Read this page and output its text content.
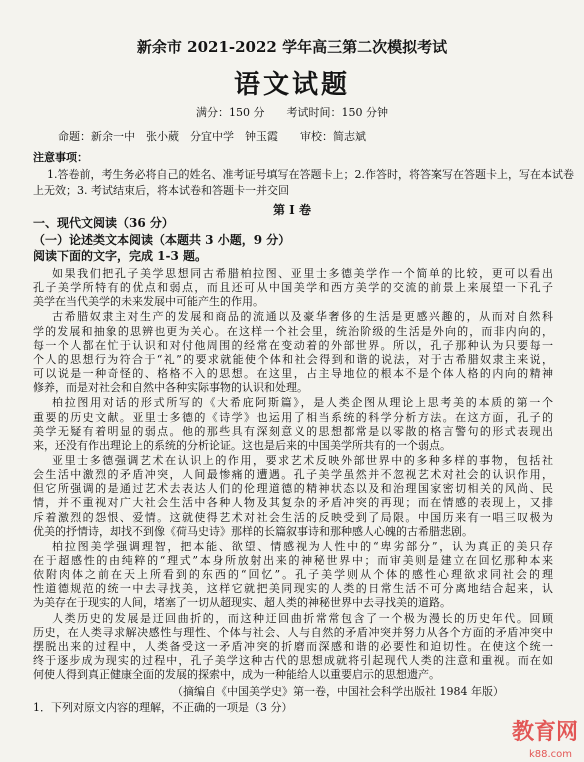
新余市 2021-2022 学年高三第二次模拟考试
语文试题
满分：150 分　　考试时间：150 分钟
命题：新余一中　张小葳　分宜中学　钟玉霞　　审校：简志斌
注意事项：
1.答卷前，考生务必将自己的姓名、准考证号填写在答题卡上；2.作答时，将答案写在答题卡上，写在本试卷
上无效；3. 考试结束后，将本试卷和答题卡一并交回
第 I 卷
一、现代文阅读（36 分）
（一）论述类文本阅读（本题共 3 小题，9 分）
阅读下面的文字，完成 1-3 题。
如果我们把孔子美学思想同古希腊柏拉图、亚里士多德美学作一个简单的比较，更可以看出
孔子美学所特有的优点和弱点，而且还可从中国美学和西方美学的交流的前景上来展望一下孔子
美学在当代美学的未来发展中可能产生的作用。
古希腊奴隶主对生产的发展和商品的流通以及豪华奢侈的生活是更感兴趣的，从而对自然科
学的发展和抽象的思辨也更为关心。在这样一个社会里，统治阶级的生活是外向的，而非内向的，
每一个人都在忙于认识和对付他周围的经常在变动着的外部世界。所以，孔子那种认为只要每一
个人的思想行为符合于“礼”的要求就能使个体和社会得到和谐的说法，对于古希腊奴隶主来说，
可以说是一种奇怪的、格格不入的思想。在这里，占主导地位的根本不是个体人格的内向的精神
修养，而是对社会和自然中各种实际事物的认识和处理。
柏拉图用对话的形式所写的《大希庇阿斯篇》，是人类企图从理论上思考美的本质的第一个
重要的历史文献。亚里士多德的《诗学》也运用了相当系统的科学分析方法。在这方面，孔子的
美学无疑有着明显的弱点。他的那些具有深刻意义的思想都常是以零散的格言警句的形式表现出
来，还没有作出理论上的系统的分析论证。这也是后来的中国美学所共有的一个弱点。
亚里士多德强调艺术在认识上的作用，要求艺术反映外部世界中的多种多样的事物，包括社
会生活中激烈的矛盾冲突，人间最惨痛的遭遇。孔子美学虽然并不忽视艺术对社会的认识作用，
但它所强调的是通过艺术去表达人们的伦理道德的精神状态以及和治理国家密切相关的风尚、民
情，并不重视对广大社会生活中各种人物及其复杂的矛盾冲突的再现；而在情感的表现上，又排
斥着激烈的怨恨、爱情。这就使得艺术对社会生活的反映受到了局限。中国历来有一唱三叹极为
优美的抒情诗，却找不到像《荷马史诗》那样的长篇叙事诗和那种感人心魄的古希腊悲剧。
柏拉图美学强调理智，把本能、欲望、情感视为人性中的“卑劣部分”，认为真正的美只存
在于超感性的由纯粹的“理式”本身所放射出来的神秘世界中；而审美则是建立在回忆那种本来
依附肉体之前在天上所看到的东西的“回忆”。孔子美学则从个体的感性心理欲求同社会的理
性道德规范的统一中去寻找美，这样它就把美同现实的人类的日常生活不可分离地结合起来，认
为美存在于现实的人间，堵塞了一切从超现实、超人类的神秘世界中去寻找美的道路。
人类历史的发展是迂回曲折的，而这种迂回曲折常常包含了一个极为漫长的历史年代。回顾
历史，在人类寻求解决感性与理性、个体与社会、人与自然的矛盾冲突并努力从各个方面的矛盾冲突中
摆脱出来的过程中，人类备受这一矛盾冲突的折磨而深感和谐的必要性和迫切性。在使这个统一
终于逐步成为现实的过程中，孔子美学这种古代的思想成就将引起现代人类的注意和重视。而在如
何使人得到真正健康全面的发展的探索中，成为一种能给人以重要启示的思想遗产。
（摘编自《中国美学史》第一卷，中国社会科学出版社 1984 年版）
1．下列对原文内容的理解，不正确的一项是（3 分）
教育网
k88.com
